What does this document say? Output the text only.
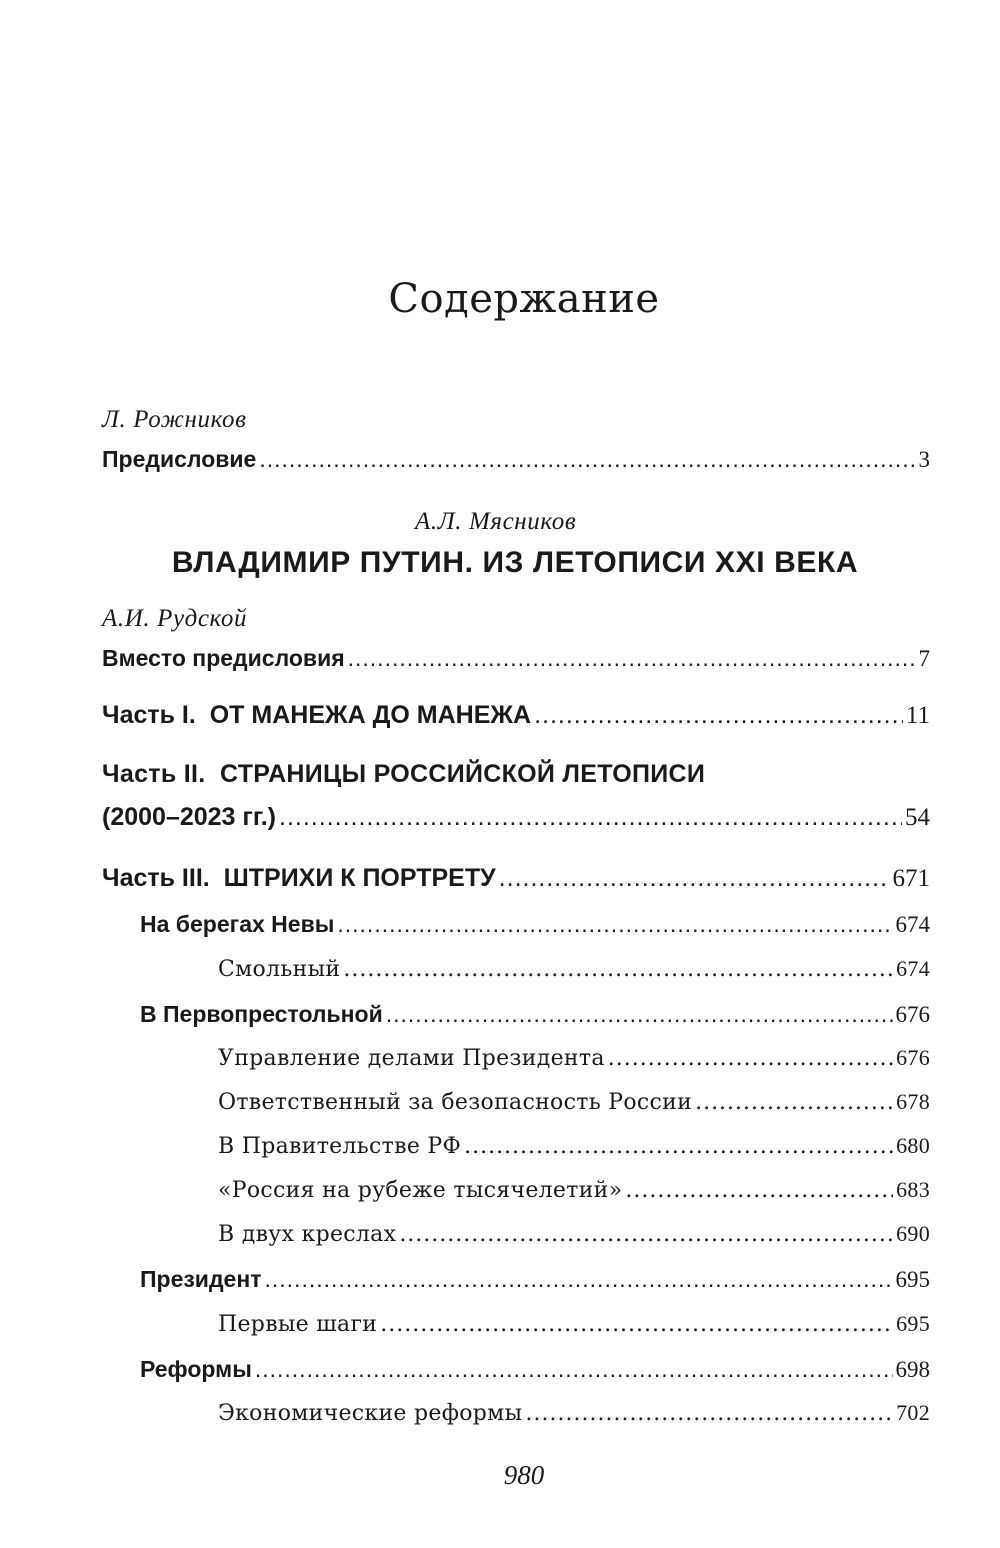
Содержание
Л. Рожников
Предисловие .....	3
А.Л. Мясников
ВЛАДИМИР ПУТИН. ИЗ ЛЕТОПИСИ XXI ВЕКА
А.И. Рудской
Вместо предисловия .....	7
Часть I.
ОТ МАНЕЖА ДО МАНЕЖА .....	11
Часть II. СТРАНИЦЫ РОССИЙСКОЙ ЛЕТОПИСИ
(2000–2023 гг.) .....	54
Часть III.
ШТРИХИ К ПОРТРЕТУ .....	671
На берегах Невы .....	674
Смольный .....	674
В Первопрестольной .....	676
Управление делами Президента .....	676
Ответственный за безопасность России .....	678
В Правительстве РФ .....	680
«Россия на рубеже тысячелетий» .....	683
В двух креслах .....	690
Президент .....	695
Первые шаги .....	695
Реформы .....	698
Экономические реформы .....	702
980
